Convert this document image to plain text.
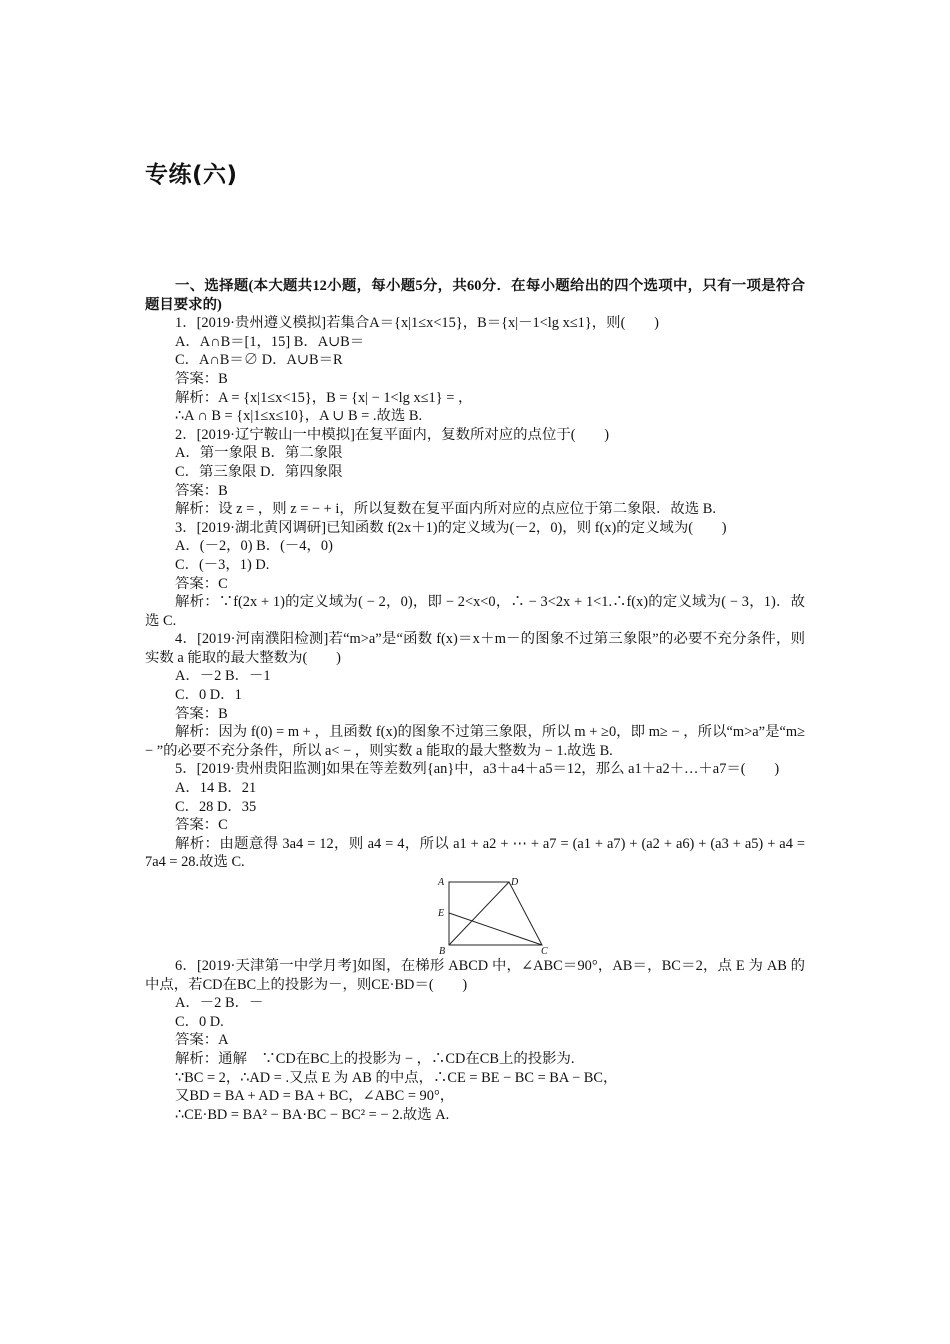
专练(六)

一、选择题(本大题共12小题，每小题5分，共60分．在每小题给出的四个选项中，只有一项是符合题目要求的)

1．[2019·贵州遵义模拟]若集合A＝{x|1≤x<15}，B＝{x|－1<lg x≤1}，则(　　)

A．A∩B＝[1，15] B．A∪B＝

C．A∩B＝∅ D．A∪B＝R

答案：B

解析：A = {x|1≤x<15}，B = {x| − 1<lg x≤1} = ，

∴A ∩ B = {x|1≤x≤10}，A ∪ B = .故选 B.

2．[2019·辽宁鞍山一中模拟]在复平面内，复数所对应的点位于(　　)

A．第一象限 B．第二象限

C．第三象限 D．第四象限

答案：B

解析：设 z = ，则 z = − + i，所以复数在复平面内所对应的点应位于第二象限．故选 B.

3．[2019·湖北黄冈调研]已知函数 f(2x＋1)的定义域为(－2，0)，则 f(x)的定义域为(　　)

A．(－2，0) B．(－4，0)

C．(－3，1) D.

答案：C

解析：∵f(2x + 1)的定义域为( − 2，0)，即 − 2<x<0，∴ − 3<2x + 1<1.∴f(x)的定义域为( − 3，1)．故选 C.

4．[2019·河南濮阳检测]若“m>a”是“函数 f(x)＝x＋m－的图象不过第三象限”的必要不充分条件，则实数 a 能取的最大整数为(　　)

A．－2 B．－1

C．0 D．1

答案：B

解析：因为 f(0) = m + ，且函数 f(x)的图象不过第三象限，所以 m + ≥0，即 m≥ − ，所以“m>a”是“m≥ − ”的必要不充分条件，所以 a< − ，则实数 a 能取的最大整数为 − 1.故选 B.

5．[2019·贵州贵阳监测]如果在等差数列{an}中，a3＋a4＋a5＝12，那么 a1＋a2＋…＋a7＝(　　)

A．14 B．21

C．28 D．35

答案：C

解析：由题意得 3a4 = 12，则 a4 = 4，所以 a1 + a2 + ⋯ + a7 = (a1 + a7) + (a2 + a6) + (a3 + a5) + a4 = 7a4 = 28.故选 C.

A	D
E
B	C

6．[2019·天津第一中学月考]如图，在梯形 ABCD 中，∠ABC＝90°，AB＝，BC＝2，点 E 为 AB 的中点，若CD在BC上的投影为－，则CE·BD＝(　　)

A．－2 B．－

C．0 D.

答案：A

解析：通解　∵CD在BC上的投影为 − ，∴CD在CB上的投影为.

∵BC = 2，∴AD = .又点 E 为 AB 的中点，∴CE = BE − BC = BA − BC，

又BD = BA + AD = BA + BC，∠ABC = 90°，

∴CE·BD = BA² − BA·BC − BC² = − 2.故选 A.
